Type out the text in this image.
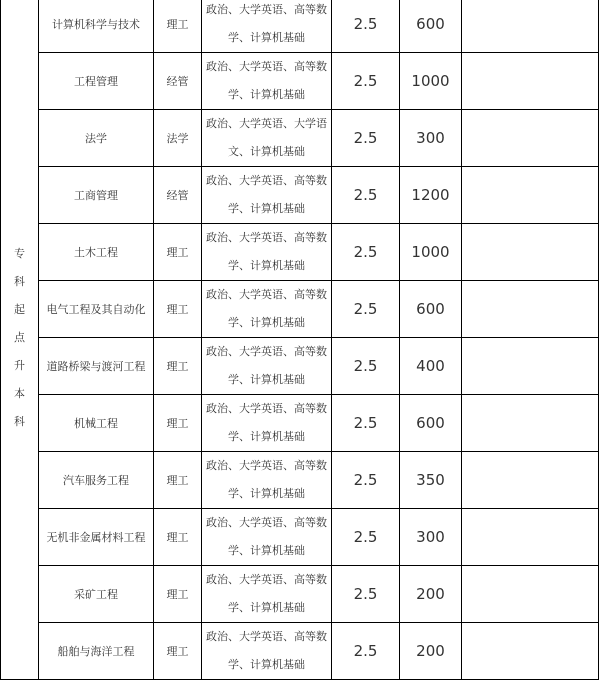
专科起点升本科	计算机科学与技术	理工	政治、大学英语、高等数学、计算机基础	2.5	600	
	工程管理	经管	政治、大学英语、高等数学、计算机基础	2.5	1000	
	法学	法学	政治、大学英语、大学语文、计算机基础	2.5	300	
	工商管理	经管	政治、大学英语、高等数学、计算机基础	2.5	1200	
	土木工程	理工	政治、大学英语、高等数学、计算机基础	2.5	1000	
	电气工程及其自动化	理工	政治、大学英语、高等数学、计算机基础	2.5	600	
	道路桥梁与渡河工程	理工	政治、大学英语、高等数学、计算机基础	2.5	400	
	机械工程	理工	政治、大学英语、高等数学、计算机基础	2.5	600	
	汽车服务工程	理工	政治、大学英语、高等数学、计算机基础	2.5	350	
	无机非金属材料工程	理工	政治、大学英语、高等数学、计算机基础	2.5	300	
	采矿工程	理工	政治、大学英语、高等数学、计算机基础	2.5	200	
	船舶与海洋工程	理工	政治、大学英语、高等数学、计算机基础	2.5	200	
